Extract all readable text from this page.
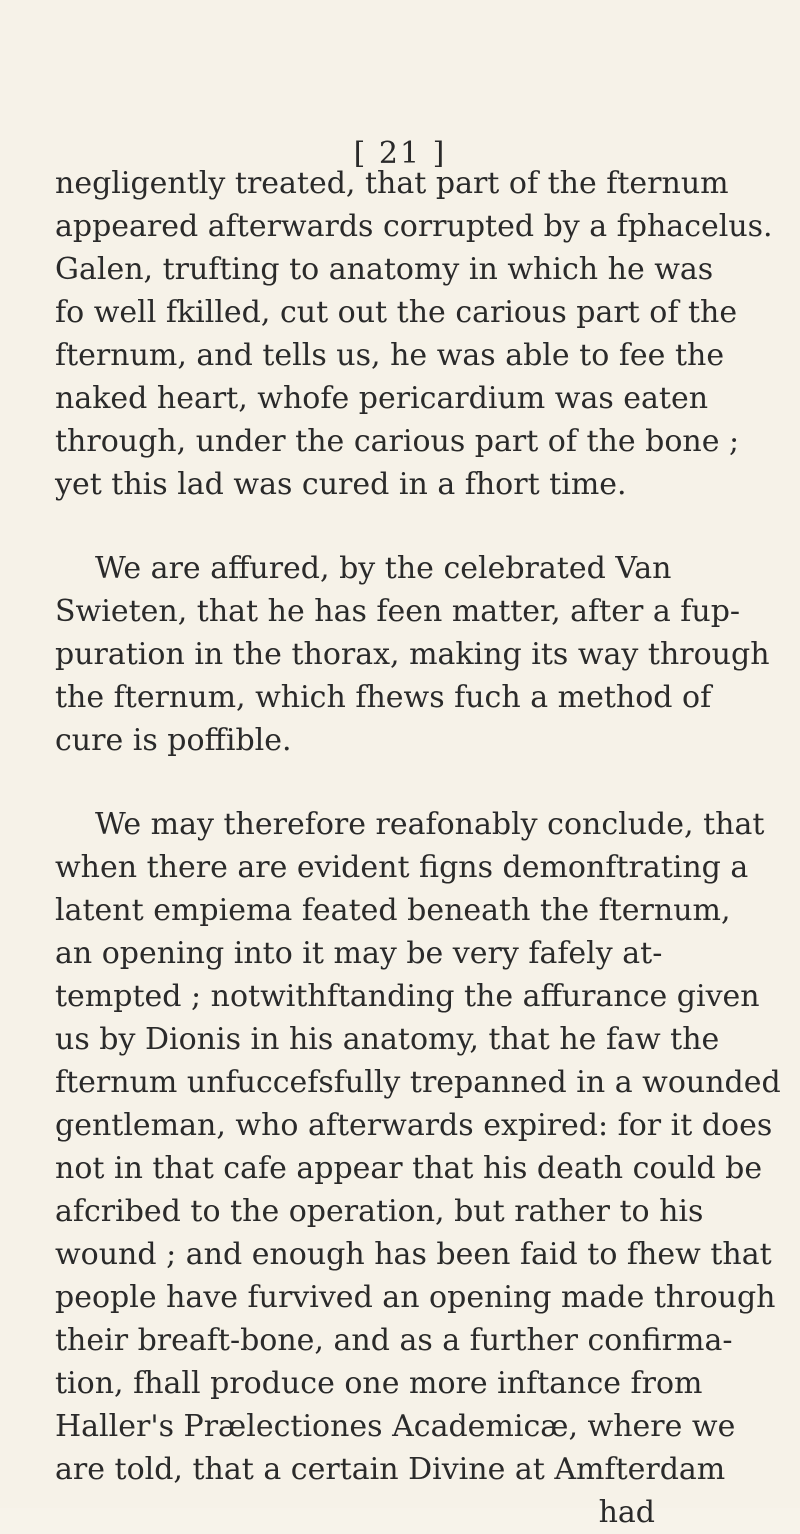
[ 21 ]
negligently treated, that part of the fternum
appeared afterwards corrupted by a fphacelus.
Galen, trufting to anatomy in which he was
fo well fkilled, cut out the carious part of the
fternum, and tells us, he was able to fee the
naked heart, whofe pericardium was eaten
through, under the carious part of the bone ;
yet this lad was cured in a fhort time.
We are affured, by the celebrated Van
Swieten, that he has feen matter, after a fup-
puration in the thorax, making its way through
the fternum, which fhews fuch a method of
cure is poffible.
We may therefore reafonably conclude, that
when there are evident figns demonftrating a
latent empiema feated beneath the fternum,
an opening into it may be very fafely at-
tempted ; notwithftanding the affurance given
us by Dionis in his anatomy, that he faw the
fternum unfuccefsfully trepanned in a wounded
gentleman, who afterwards expired: for it does
not in that cafe appear that his death could be
afcribed to the operation, but rather to his
wound ; and enough has been faid to fhew that
people have furvived an opening made through
their breaft-bone, and as a further confirma-
tion, fhall produce one more inftance from
Haller's Prælectiones Academicæ, where we
are told, that a certain Divine at Amfterdam
had
